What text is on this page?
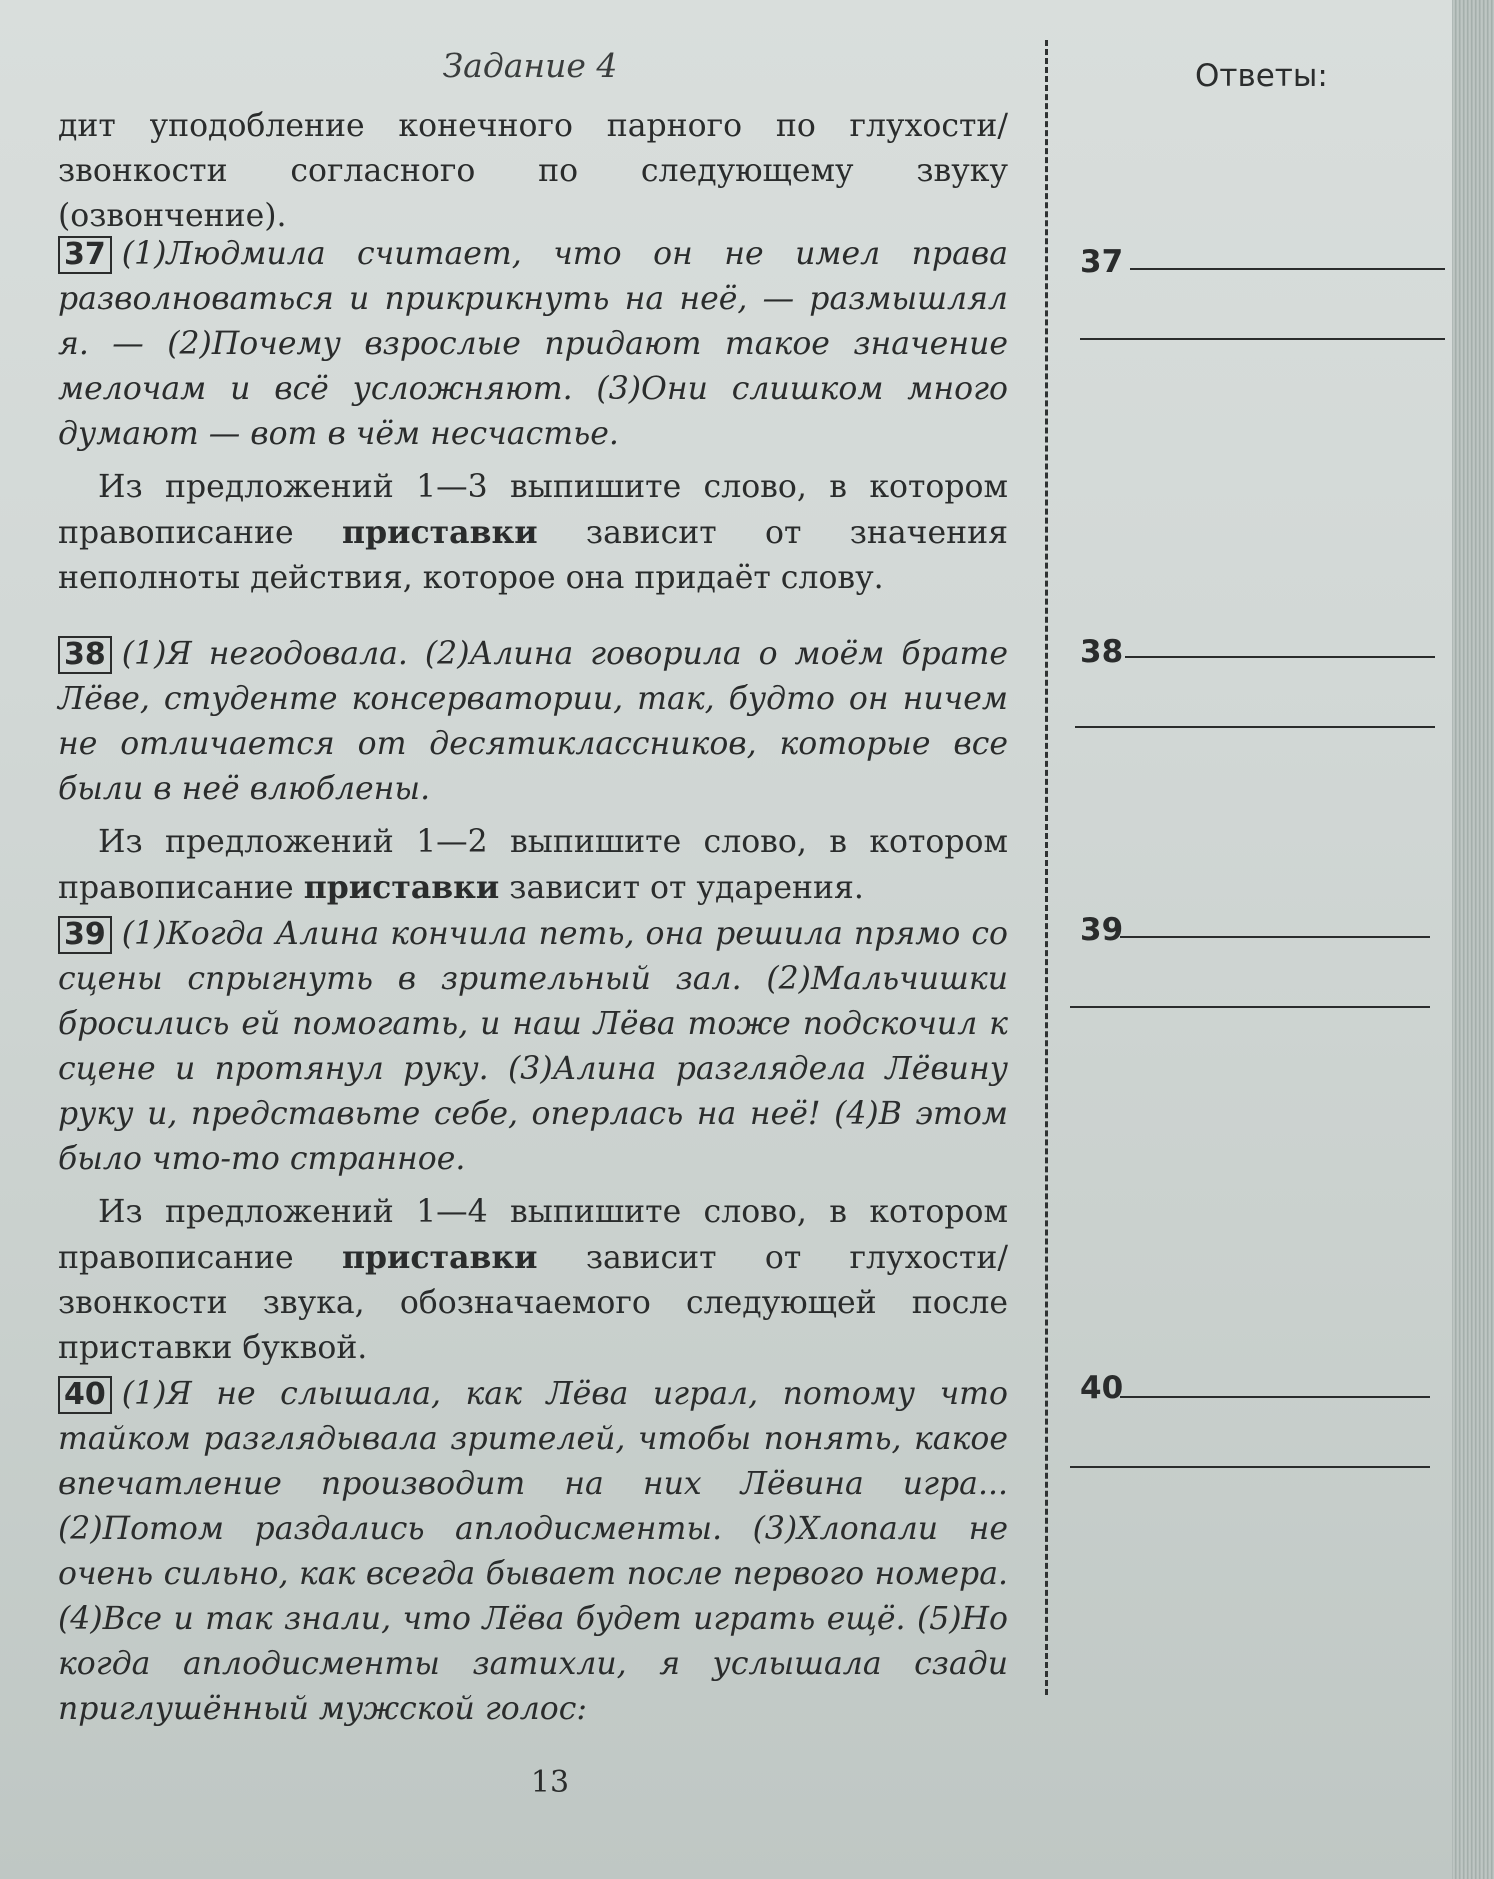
Задание 4	Ответы:
дит уподобление конечного парного по глухости/звонкости согласного по следующему звуку (озвончение).
37 (1)Людмила считает, что он не имел права разволноваться и прикрикнуть на неё, — размышлял я. — (2)Почему взрослые придают такое значение мелочам и всё усложняют. (3)Они слишком много думают — вот в чём несчастье.
Из предложений 1—3 выпишите слово, в котором правописание приставки зависит от значения неполноты действия, которое она придаёт слову.
38 (1)Я негодовала. (2)Алина говорила о моём брате Лёве, студенте консерватории, так, будто он ничем не отличается от десятиклассников, которые все были в неё влюблены.
Из предложений 1—2 выпишите слово, в котором правописание приставки зависит от ударения.
39 (1)Когда Алина кончила петь, она решила прямо со сцены спрыгнуть в зрительный зал. (2)Мальчишки бросились ей помогать, и наш Лёва тоже подскочил к сцене и протянул руку. (3)Алина разглядела Лёвину руку и, представьте себе, оперлась на неё! (4)В этом было что-то странное.
Из предложений 1—4 выпишите слово, в котором правописание приставки зависит от глухости/звонкости звука, обозначаемого следующей после приставки буквой.
40 (1)Я не слышала, как Лёва играл, потому что тайком разглядывала зрителей, чтобы понять, какое впечатление производит на них Лёвина игра... (2)Потом раздались аплодисменты. (3)Хлопали не очень сильно, как всегда бывает после первого номера. (4)Все и так знали, что Лёва будет играть ещё. (5)Но когда аплодисменты затихли, я услышала сзади приглушённый мужской голос:
37
38
39
40
13
